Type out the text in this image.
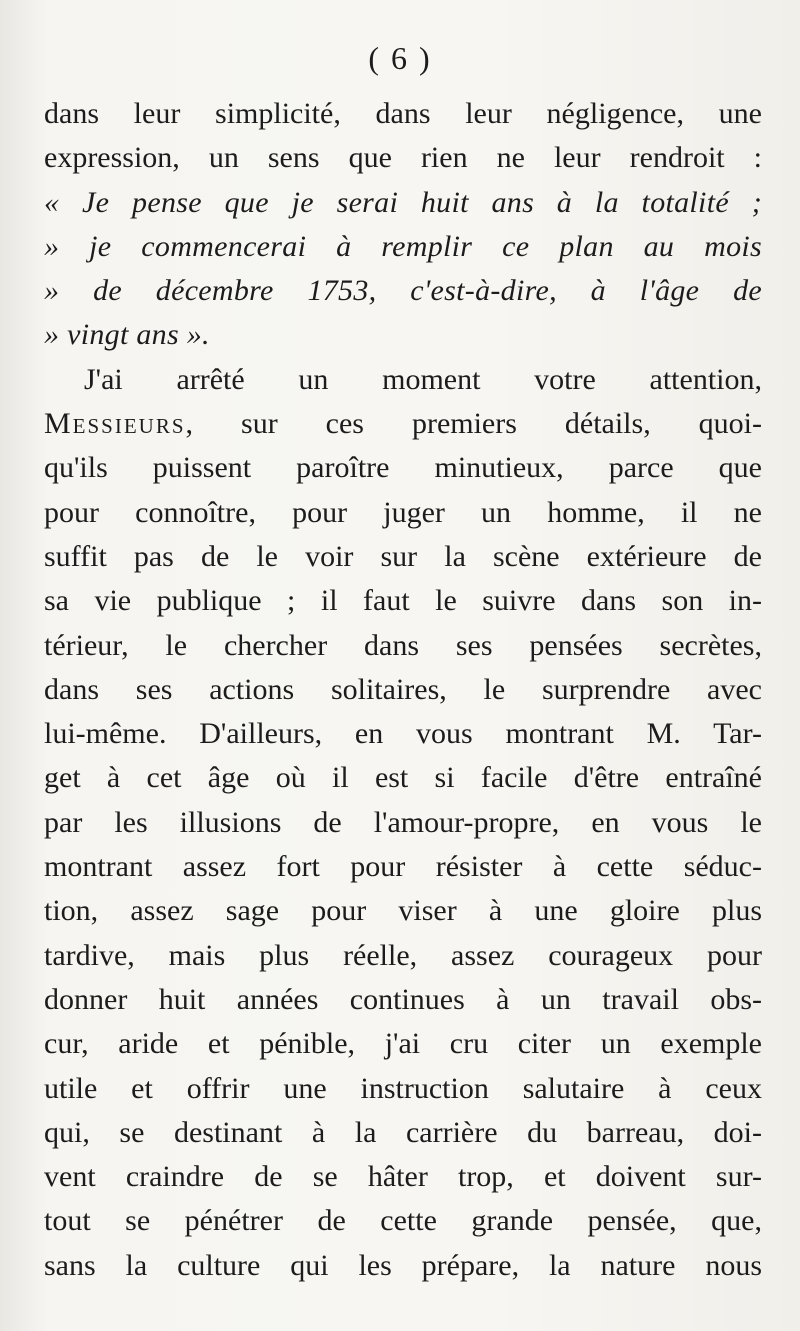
( 6 )
dans leur simplicité, dans leur négligence, une
expression, un sens que rien ne leur rendroit :
« Je pense que je serai huit ans à la totalité ;
» je commencerai à remplir ce plan au mois
» de décembre 1753, c'est-à-dire, à l'âge de
» vingt ans ».
J'ai arrêté un moment votre attention,
Messieurs, sur ces premiers détails, quoi-
qu'ils puissent paroître minutieux, parce que
pour connoître, pour juger un homme, il ne
suffit pas de le voir sur la scène extérieure de
sa vie publique ; il faut le suivre dans son in-
térieur, le chercher dans ses pensées secrètes,
dans ses actions solitaires, le surprendre avec
lui-même. D'ailleurs, en vous montrant M. Tar-
get à cet âge où il est si facile d'être entraîné
par les illusions de l'amour-propre, en vous le
montrant assez fort pour résister à cette séduc-
tion, assez sage pour viser à une gloire plus
tardive, mais plus réelle, assez courageux pour
donner huit années continues à un travail obs-
cur, aride et pénible, j'ai cru citer un exemple
utile et offrir une instruction salutaire à ceux
qui, se destinant à la carrière du barreau, doi-
vent craindre de se hâter trop, et doivent sur-
tout se pénétrer de cette grande pensée, que,
sans la culture qui les prépare, la nature nous
